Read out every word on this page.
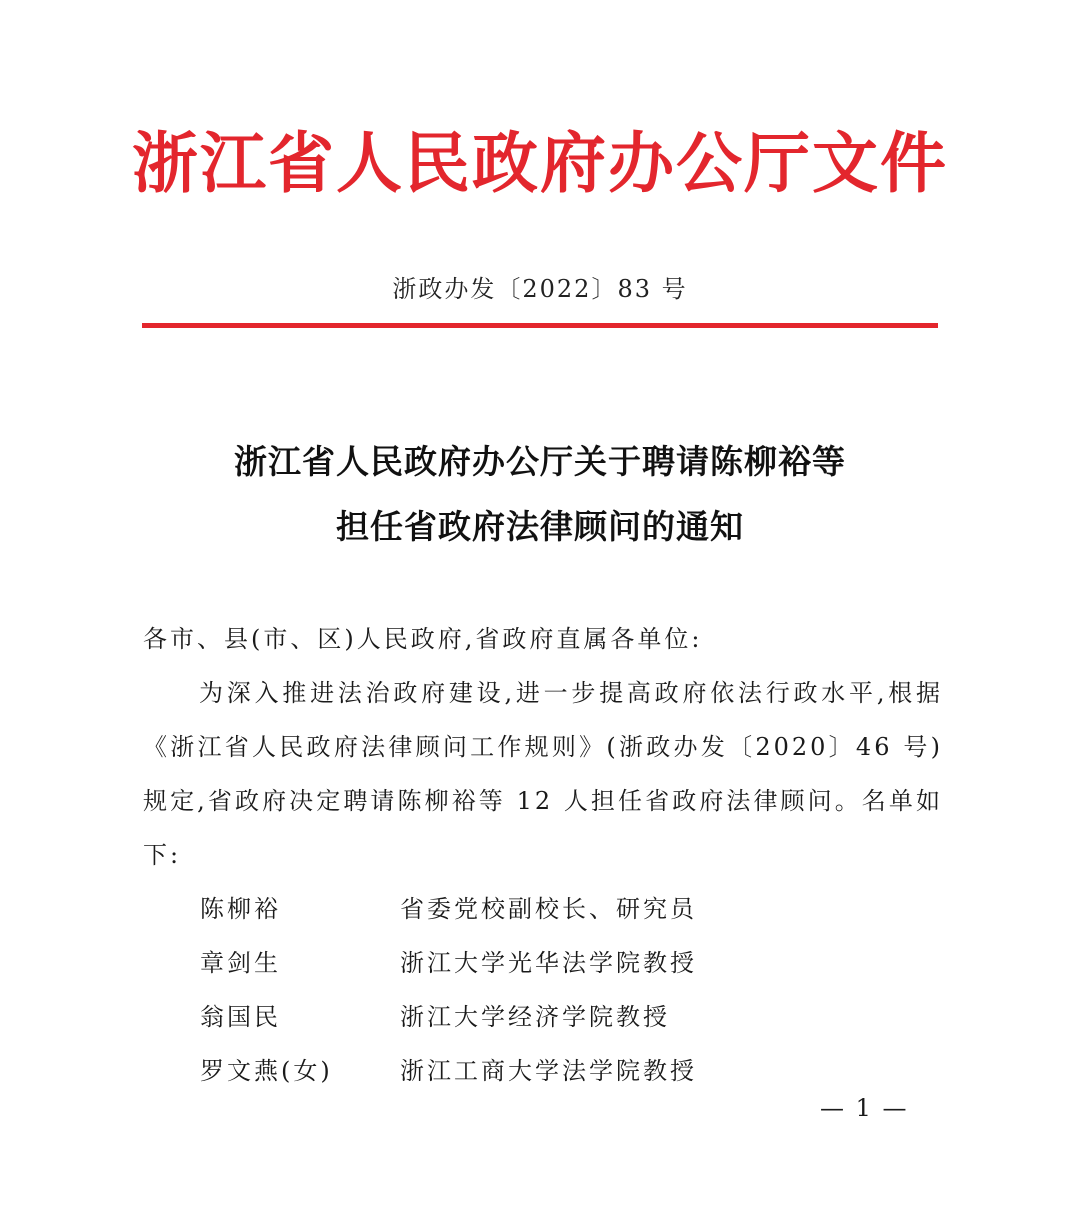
浙江省人民政府办公厅文件
浙政办发〔2022〕83 号
浙江省人民政府办公厅关于聘请陈柳裕等
担任省政府法律顾问的通知
各市、县(市、区)人民政府,省政府直属各单位:
为深入推进法治政府建设,进一步提高政府依法行政水平,根据《浙江省人民政府法律顾问工作规则》(浙政办发〔2020〕46 号)规定,省政府决定聘请陈柳裕等 12 人担任省政府法律顾问。名单如下:
陈柳裕	省委党校副校长、研究员
章剑生	浙江大学光华法学院教授
翁国民	浙江大学经济学院教授
罗文燕(女)	浙江工商大学法学院教授
— 1 —
